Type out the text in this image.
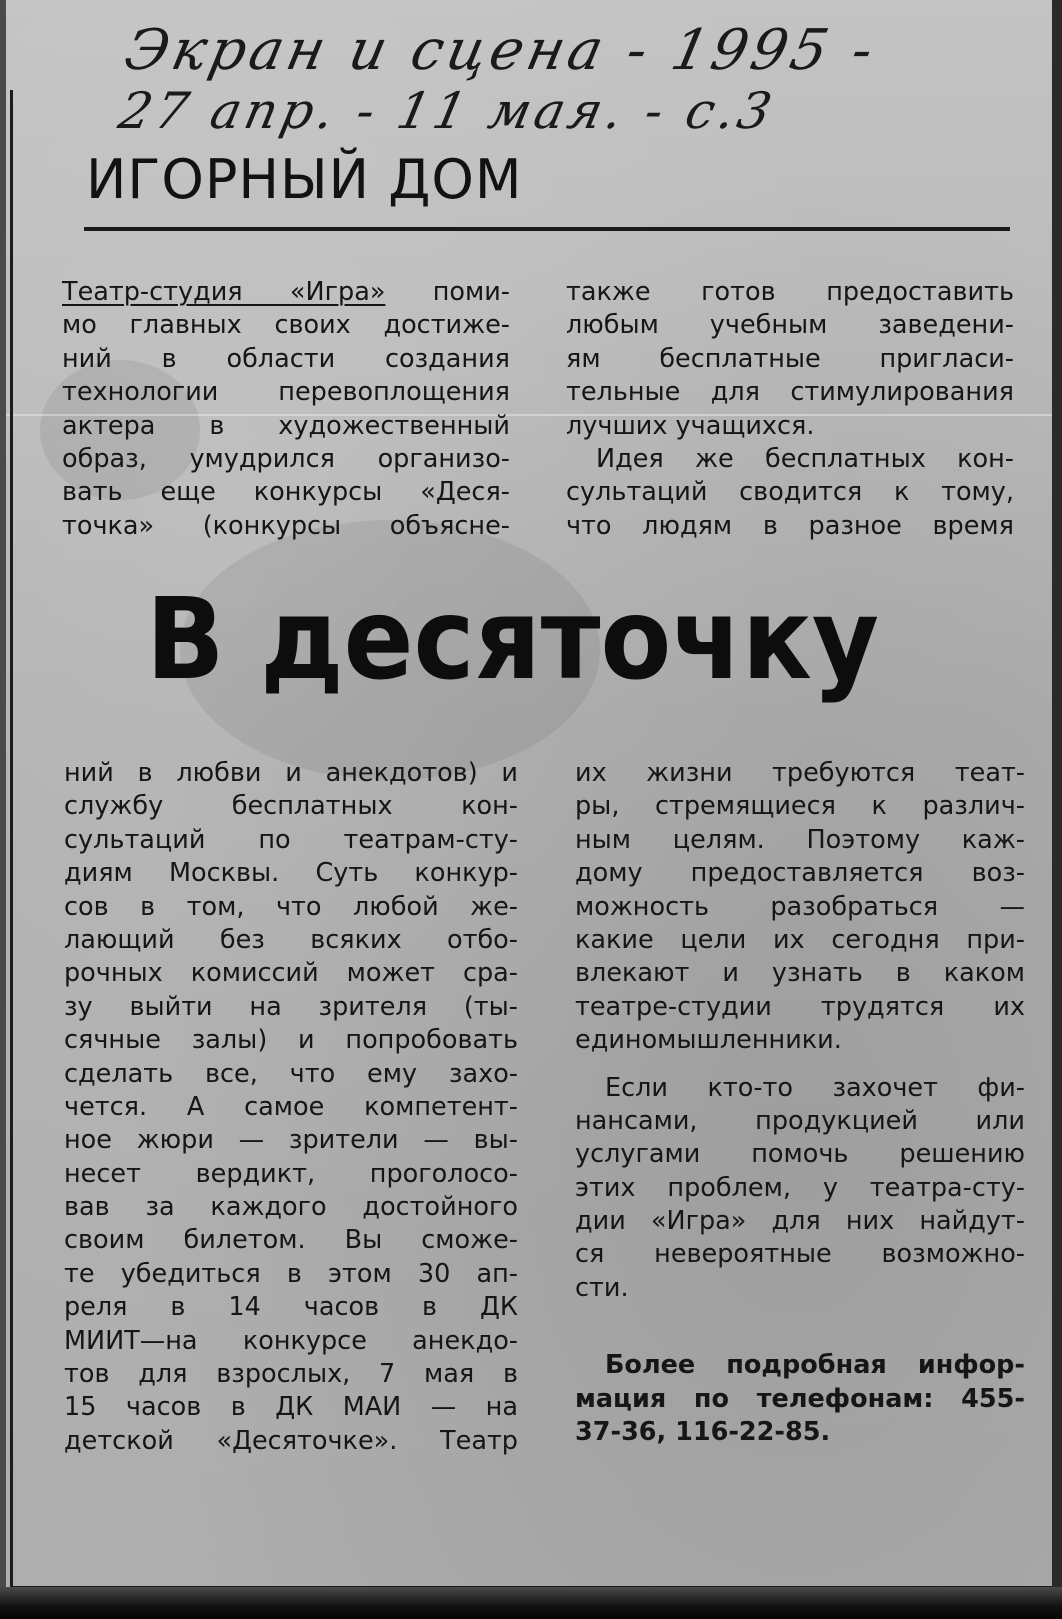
Экран и сцена - 1995 -
27 апр. - 11 мая. - с.3
ИГОРНЫЙ ДОМ
Театр-студия «Игра» поми-
мо главных своих достиже-
ний в области создания
технологии перевоплощения
актера в художественный
образ, умудрился организо-
вать еще конкурсы «Деся-
точка» (конкурсы объясне-
также готов предоставить
любым учебным заведени-
ям бесплатные пригласи-
тельные для стимулирования
лучших учащихся.
Идея же бесплатных кон-
сультаций сводится к тому,
что людям в разное время
В десяточку
ний в любви и анекдотов) и
службу бесплатных кон-
сультаций по театрам-сту-
диям Москвы. Суть конкур-
сов в том, что любой же-
лающий без всяких отбо-
рочных комиссий может сра-
зу выйти на зрителя (ты-
сячные залы) и попробовать
сделать все, что ему захо-
чется. А самое компетент-
ное жюри — зрители — вы-
несет вердикт, проголосо-
вав за каждого достойного
своим билетом. Вы сможе-
те убедиться в этом 30 ап-
реля в 14 часов в ДК
МИИТ—на конкурсе анекдо-
тов для взрослых, 7 мая в
15 часов в ДК МАИ — на
детской «Десяточке». Театр
их жизни требуются теат-
ры, стремящиеся к различ-
ным целям. Поэтому каж-
дому предоставляется воз-
можность разобраться —
какие цели их сегодня при-
влекают и узнать в каком
театре-студии трудятся их
единомышленники.
Если кто-то захочет фи-
нансами, продукцией или
услугами помочь решению
этих проблем, у театра-сту-
дии «Игра» для них найдут-
ся невероятные возможно-
сти.
Более подробная инфор-
мация по телефонам: 455-
37-36, 116-22-85.
